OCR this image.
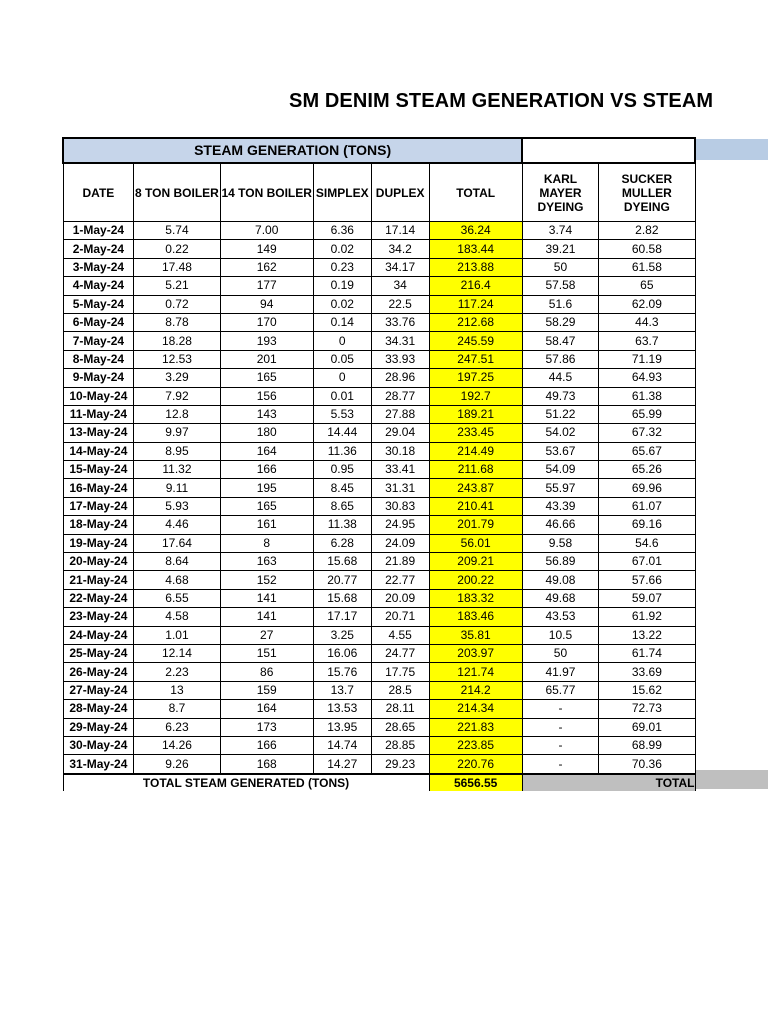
SM DENIM STEAM GENERATION VS STEAM
STEAM GENERATION (TONS)							
DATE	8 TON BOILER	14 TON BOILER	SIMPLEX	DUPLEX	TOTAL	KARL MAYER DYEING	SUCKER MULLER DYEING
1-May-24	5.74	7.00	6.36	17.14	36.24	3.74	2.82
2-May-24	0.22	149	0.02	34.2	183.44	39.21	60.58
3-May-24	17.48	162	0.23	34.17	213.88	50	61.58
4-May-24	5.21	177	0.19	34	216.4	57.58	65
5-May-24	0.72	94	0.02	22.5	117.24	51.6	62.09
6-May-24	8.78	170	0.14	33.76	212.68	58.29	44.3
7-May-24	18.28	193	0	34.31	245.59	58.47	63.7
8-May-24	12.53	201	0.05	33.93	247.51	57.86	71.19
9-May-24	3.29	165	0	28.96	197.25	44.5	64.93
10-May-24	7.92	156	0.01	28.77	192.7	49.73	61.38
11-May-24	12.8	143	5.53	27.88	189.21	51.22	65.99
13-May-24	9.97	180	14.44	29.04	233.45	54.02	67.32
14-May-24	8.95	164	11.36	30.18	214.49	53.67	65.67
15-May-24	11.32	166	0.95	33.41	211.68	54.09	65.26
16-May-24	9.11	195	8.45	31.31	243.87	55.97	69.96
17-May-24	5.93	165	8.65	30.83	210.41	43.39	61.07
18-May-24	4.46	161	11.38	24.95	201.79	46.66	69.16
19-May-24	17.64	8	6.28	24.09	56.01	9.58	54.6
20-May-24	8.64	163	15.68	21.89	209.21	56.89	67.01
21-May-24	4.68	152	20.77	22.77	200.22	49.08	57.66
22-May-24	6.55	141	15.68	20.09	183.32	49.68	59.07
23-May-24	4.58	141	17.17	20.71	183.46	43.53	61.92
24-May-24	1.01	27	3.25	4.55	35.81	10.5	13.22
25-May-24	12.14	151	16.06	24.77	203.97	50	61.74
26-May-24	2.23	86	15.76	17.75	121.74	41.97	33.69
27-May-24	13	159	13.7	28.5	214.2	65.77	15.62
28-May-24	8.7	164	13.53	28.11	214.34	-	72.73
29-May-24	6.23	173	13.95	28.65	221.83	-	69.01
30-May-24	14.26	166	14.74	28.85	223.85	-	68.99
31-May-24	9.26	168	14.27	29.23	220.76	-	70.36
TOTAL STEAM GENERATED (TONS)					5656.55	TOTAL	
